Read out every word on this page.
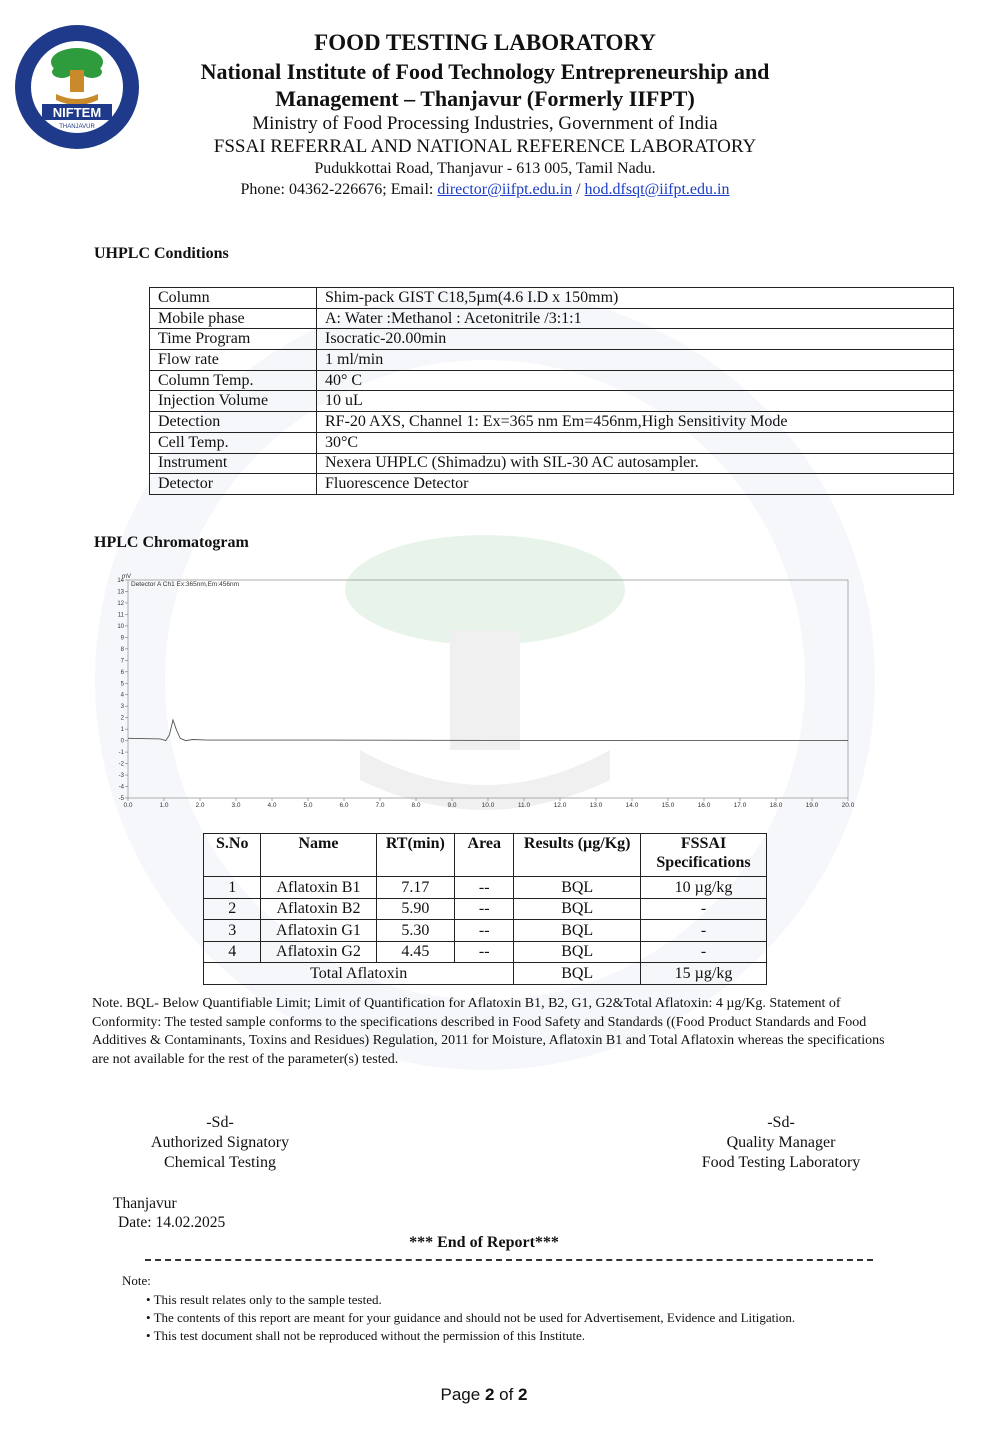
NIFTEM
THANJAVUR
FOOD TESTING LABORATORY
National Institute of Food Technology Entrepreneurship and
Management – Thanjavur (Formerly IIFPT)
Ministry of Food Processing Industries, Government of India
FSSAI REFERRAL AND NATIONAL REFERENCE LABORATORY
Pudukkottai Road, Thanjavur - 613 005, Tamil Nadu.
Phone: 04362-226676; Email: director@iifpt.edu.in / hod.dfsqt@iifpt.edu.in
UHPLC Conditions
Column	Shim-pack GIST C18,5µm(4.6 I.D x 150mm)
Mobile phase	A: Water :Methanol : Acetonitrile /3:1:1
Time Program	Isocratic-20.00min
Flow rate	1 ml/min
Column Temp.	40° C
Injection Volume	10 uL
Detection	RF-20 AXS, Channel 1: Ex=365 nm Em=456nm,High Sensitivity Mode
Cell Temp.	30°C
Instrument	Nexera UHPLC (Shimadzu) with SIL-30 AC autosampler.
Detector	Fluorescence Detector
HPLC Chromatogram
14
13
12
11
10
9
8
7
6
5
4
3
2
1
0
-1
-2
-3
-4
-5
0.0	1.0	2.0	3.0	4.0	5.0	6.0	7.0	8.0	9.0	10.0	11.0	12.0	13.0	14.0	15.0	16.0	17.0	18.0	19.0	20.0
mV
Detector A Ch1 Ex:365nm,Em:456nm
S.No	Name	RT(min)	Area	Results (µg/Kg)	FSSAI Specifications
1	Aflatoxin B1	7.17	--	BQL	10 µg/kg
2	Aflatoxin B2	5.90	--	BQL	-
3	Aflatoxin G1	5.30	--	BQL	-
4	Aflatoxin G2	4.45	--	BQL	-
Total Aflatoxin				BQL	15 µg/kg
Note. BQL- Below Quantifiable Limit; Limit of Quantification for Aflatoxin B1, B2, G1, G2&Total Aflatoxin: 4 µg/Kg. Statement of Conformity: The tested sample conforms to the specifications described in Food Safety and Standards ((Food Product Standards and Food Additives & Contaminants, Toxins and Residues) Regulation, 2011 for Moisture, Aflatoxin B1 and Total Aflatoxin whereas the specifications are not available for the rest of the parameter(s) tested.
-Sd-
Authorized Signatory
Chemical Testing
-Sd-
Quality Manager
Food Testing Laboratory
Thanjavur
Date: 14.02.2025
*** End of Report***
Note:
• This result relates only to the sample tested.
• The contents of this report are meant for your guidance and should not be used for Advertisement, Evidence and Litigation.
• This test document shall not be reproduced without the permission of this Institute.
Page 2 of 2
